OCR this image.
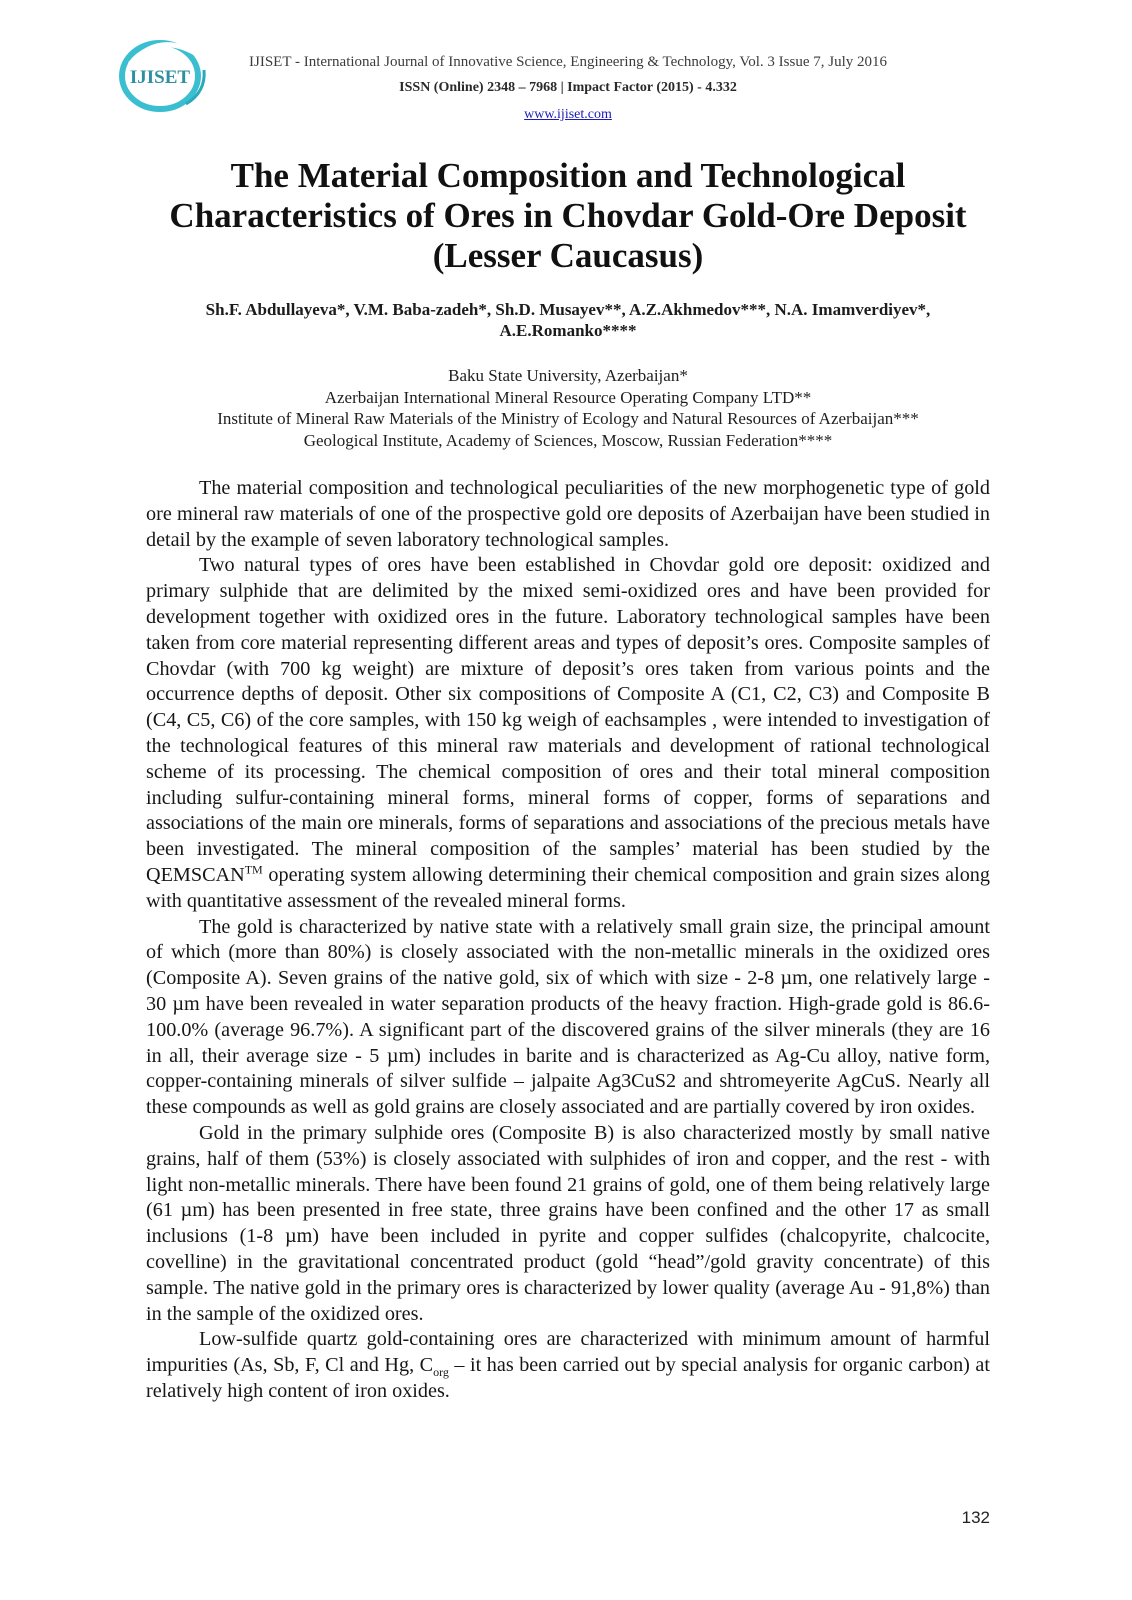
IJISET
IJISET - International Journal of Innovative Science, Engineering & Technology, Vol. 3 Issue 7, July 2016
ISSN (Online) 2348 – 7968 | Impact Factor (2015) - 4.332
www.ijiset.com
The Material Composition and Technological
Characteristics of Ores in Chovdar Gold-Ore Deposit
(Lesser Caucasus)
Sh.F. Abdullayeva*, V.M. Baba-zadeh*, Sh.D. Musayev**, A.Z.Akhmedov***, N.A. Imamverdiyev*,
A.E.Romanko****
Baku State University, Azerbaijan*
Azerbaijan International Mineral Resource Operating Company LTD**
Institute of Mineral Raw Materials of the Ministry of Ecology and Natural Resources of Azerbaijan***
Geological Institute, Academy of Sciences, Moscow, Russian Federation****

The material composition and technological peculiarities of the new morphogenetic type of gold ore mineral raw materials of one of the prospective gold ore deposits of Azerbaijan have been studied in detail by the example of seven laboratory technological samples.

Two natural types of ores have been established in Chovdar gold ore deposit: oxidized and primary sulphide that are delimited by the mixed semi-oxidized ores and have been provided for development together with oxidized ores in the future. Laboratory technological samples have been taken from core material representing different areas and types of deposit’s ores. Composite samples of Chovdar (with 700 kg weight) are mixture of deposit’s ores taken from various points and the occurrence depths of deposit. Other six compositions of Composite A (C1, C2, C3) and Composite B (C4, C5, C6) of the core samples, with 150 kg weigh of eachsamples , were intended to investigation of the technological features of this mineral raw materials and development of rational technological scheme of its processing. The chemical composition of ores and their total mineral composition including sulfur-containing mineral forms, mineral forms of copper, forms of separations and associations of the main ore minerals, forms of separations and associations of the precious metals have been investigated. The mineral composition of the samples’ material has been studied by the QEMSCAN™ operating system allowing determining their chemical composition and grain sizes along with quantitative assessment of the revealed mineral forms.

The gold is characterized by native state with a relatively small grain size, the principal amount of which (more than 80%) is closely associated with the non-metallic minerals in the oxidized ores (Composite A). Seven grains of the native gold, six of which with size - 2-8 µm, one relatively large - 30 µm have been revealed in water separation products of the heavy fraction. High-grade gold is 86.6-100.0% (average 96.7%). A significant part of the discovered grains of the silver minerals (they are 16 in all, their average size - 5 µm) includes in barite and is characterized as Ag-Cu alloy, native form, copper-containing minerals of silver sulfide – jalpaite Ag3CuS2 and shtromeyerite AgCuS. Nearly all these compounds as well as gold grains are closely associated and are partially covered by iron oxides.

Gold in the primary sulphide ores (Composite B) is also characterized mostly by small native grains, half of them (53%) is closely associated with sulphides of iron and copper, and the rest - with light non-metallic minerals. There have been found 21 grains of gold, one of them being relatively large (61 µm) has been presented in free state, three grains have been confined and the other 17 as small inclusions (1-8 µm) have been included in pyrite and copper sulfides (chalcopyrite, chalcocite, covelline) in the gravitational concentrated product (gold “head”/gold gravity concentrate) of this sample. The native gold in the primary ores is characterized by lower quality (average Au - 91,8%) than in the sample of the oxidized ores.

Low-sulfide quartz gold-containing ores are characterized with minimum amount of harmful impurities (As, Sb, F, Cl and Hg, $C_{org}$ – it has been carried out by special analysis for organic carbon) at relatively high content of iron oxides.

132
